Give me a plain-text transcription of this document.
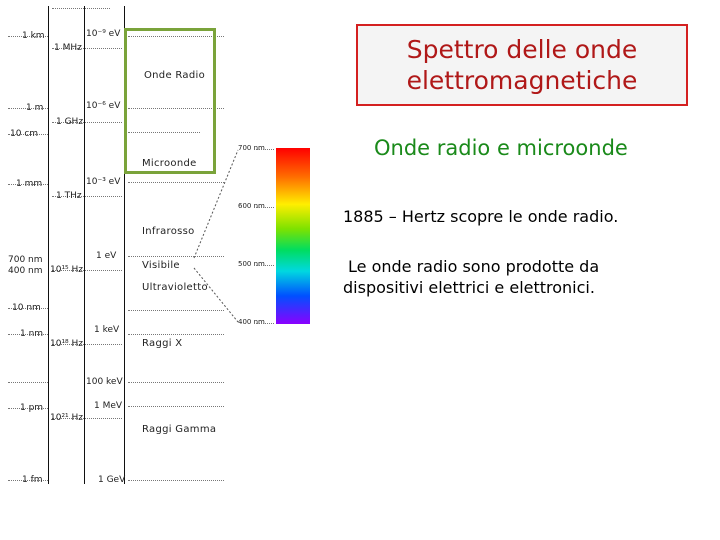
1 km
1 m
10 cm
1 mm
700 nm
400 nm
10 nm
1 nm
1 pm
1 fm
1 MHz
1 GHz
1 THz
10¹⁵ Hz
10¹⁸ Hz
10²¹ Hz
10⁻⁹ eV
10⁻⁶ eV
10⁻³ eV
1 eV
1 keV
100 keV
1 MeV
1 GeV
Onde Radio
Microonde
Infrarosso
Visibile
Ultravioletto
Raggi X
Raggi Gamma
700 nm
600 nm
500 nm
400 nm
Spettro delle onde
elettromagnetiche
Onde radio e microonde
1885 – Hertz scopre le onde radio.
Le onde radio sono prodotte da
dispositivi elettrici e elettronici.
